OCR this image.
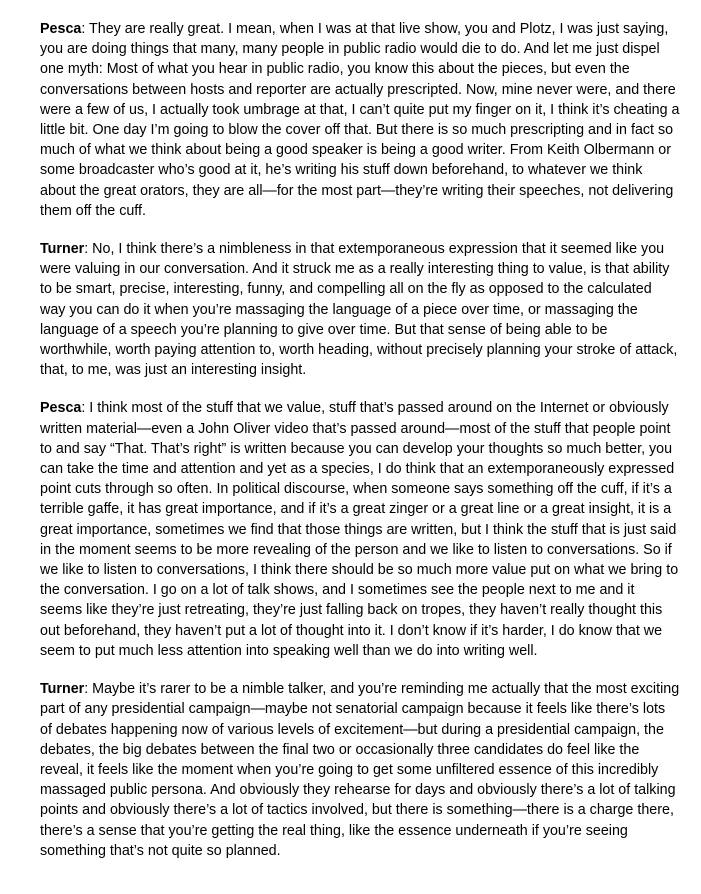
Pesca: They are really great. I mean, when I was at that live show, you and Plotz, I was just saying, you are doing things that many, many people in public radio would die to do. And let me just dispel one myth: Most of what you hear in public radio, you know this about the pieces, but even the conversations between hosts and reporter are actually prescripted. Now, mine never were, and there were a few of us, I actually took umbrage at that, I can’t quite put my finger on it, I think it’s cheating a little bit. One day I’m going to blow the cover off that. But there is so much prescripting and in fact so much of what we think about being a good speaker is being a good writer. From Keith Olbermann or some broadcaster who’s good at it, he’s writing his stuff down beforehand, to whatever we think about the great orators, they are all—for the most part—they’re writing their speeches, not delivering them off the cuff.

Turner: No, I think there’s a nimbleness in that extemporaneous expression that it seemed like you were valuing in our conversation. And it struck me as a really interesting thing to value, is that ability to be smart, precise, interesting, funny, and compelling all on the fly as opposed to the calculated way you can do it when you’re massaging the language of a piece over time, or massaging the language of a speech you’re planning to give over time. But that sense of being able to be worthwhile, worth paying attention to, worth heading, without precisely planning your stroke of attack, that, to me, was just an interesting insight.

Pesca: I think most of the stuff that we value, stuff that’s passed around on the Internet or obviously written material—even a John Oliver video that’s passed around—most of the stuff that people point to and say “That. That’s right” is written because you can develop your thoughts so much better, you can take the time and attention and yet as a species, I do think that an extemporaneously expressed point cuts through so often. In political discourse, when someone says something off the cuff, if it’s a terrible gaffe, it has great importance, and if it’s a great zinger or a great line or a great insight, it is a great importance, sometimes we find that those things are written, but I think the stuff that is just said in the moment seems to be more revealing of the person and we like to listen to conversations. So if we like to listen to conversations, I think there should be so much more value put on what we bring to the conversation. I go on a lot of talk shows, and I sometimes see the people next to me and it seems like they’re just retreating, they’re just falling back on tropes, they haven’t really thought this out beforehand, they haven’t put a lot of thought into it. I don’t know if it’s harder, I do know that we seem to put much less attention into speaking well than we do into writing well.

Turner: Maybe it’s rarer to be a nimble talker, and you’re reminding me actually that the most exciting part of any presidential campaign—maybe not senatorial campaign because it feels like there’s lots of debates happening now of various levels of excitement—but during a presidential campaign, the debates, the big debates between the final two or occasionally three candidates do feel like the reveal, it feels like the moment when you’re going to get some unfiltered essence of this incredibly massaged public persona. And obviously they rehearse for days and obviously there’s a lot of talking points and obviously there’s a lot of tactics involved, but there is something—there is a charge there, there’s a sense that you’re getting the real thing, like the essence underneath if you’re seeing something that’s not quite so planned.
